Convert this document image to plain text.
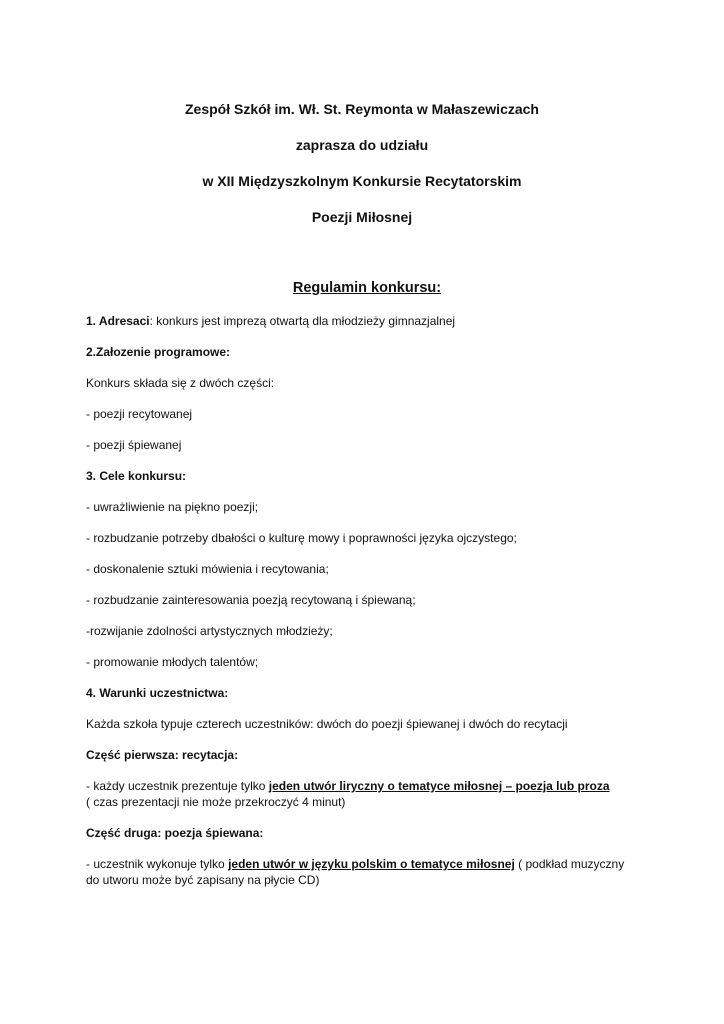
Zespół Szkół im. Wł. St. Reymonta w Małaszewiczach
zaprasza do udziału
w XII Międzyszkolnym Konkursie Recytatorskim
Poezji Miłosnej
Regulamin konkursu:
1. Adresaci: konkurs jest imprezą otwartą dla młodzieży gimnazjalnej
2.Załozenie programowe:
Konkurs składa się z dwóch części:
- poezji recytowanej
- poezji śpiewanej
3. Cele konkursu:
- uwrażliwienie na piękno poezji;
- rozbudzanie potrzeby dbałości o kulturę mowy i poprawności języka ojczystego;
- doskonalenie sztuki mówienia i recytowania;
- rozbudzanie zainteresowania poezją recytowaną i śpiewaną;
-rozwijanie zdolności artystycznych młodzieży;
- promowanie młodych talentów;
4. Warunki uczestnictwa:
Każda szkoła typuje czterech uczestników: dwóch do poezji śpiewanej i dwóch do recytacji
Część pierwsza: recytacja:
- każdy uczestnik prezentuje tylko jeden utwór liryczny o tematyce miłosnej – poezja lub proza
( czas prezentacji nie może przekroczyć 4 minut)
Część druga: poezja śpiewana:
- uczestnik wykonuje tylko jeden utwór w języku polskim o tematyce miłosnej ( podkład muzyczny
do utworu może być zapisany na płycie CD)
